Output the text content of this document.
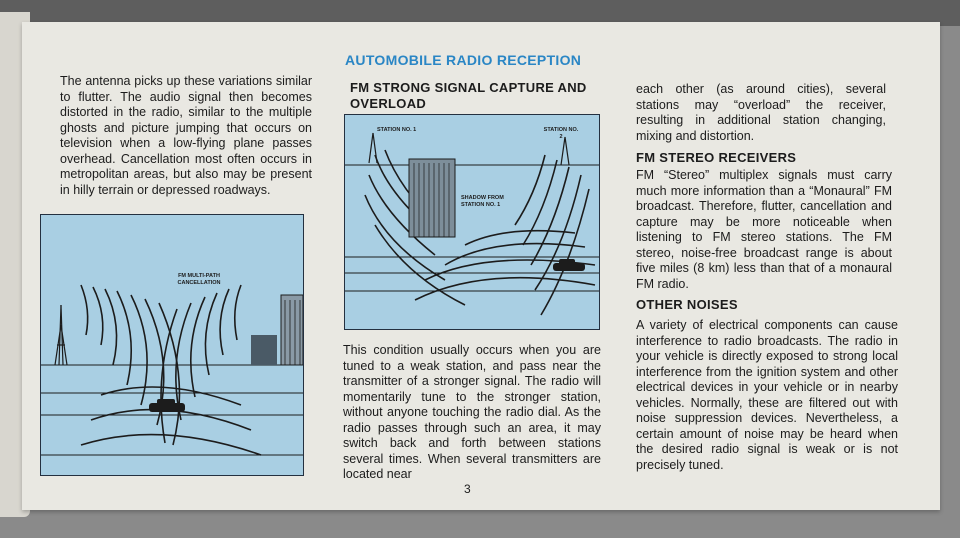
AUTOMOBILE RADIO RECEPTION

The antenna picks up these variations similar to flutter. The audio signal then becomes distorted in the radio, similar to the multiple ghosts and picture jumping that occurs on television when a low-flying plane passes overhead. Cancellation most often occurs in metropolitan areas, but also may be present in hilly terrain or depressed roadways.

FM MULTI-PATH CANCELLATION
FM STRONG SIGNAL CAPTURE AND OVERLOAD
STATION NO. 1	STATION NO. 2
SHADOW FROM STATION NO. 1

This condition usually occurs when you are tuned to a weak station, and pass near the transmitter of a stronger signal. The radio will momentarily tune to the stronger station, without anyone touching the radio dial. As the radio passes through such an area, it may switch back and forth between stations several times. When several transmitters are located near

each other (as around cities), several stations may “overload” the receiver, resulting in additional station changing, mixing and distortion.

FM STEREO RECEIVERS

FM “Stereo” multiplex signals must carry much more information than a “Monaural” FM broadcast. Therefore, flutter, cancellation and capture may be more noticeable when listening to FM stereo stations. The FM stereo, noise-free broadcast range is about five miles (8 km) less than that of a monaural FM radio.

OTHER NOISES

A variety of electrical components can cause interference to radio broadcasts. The radio in your vehicle is directly exposed to strong local interference from the ignition system and other electrical devices in your vehicle or in nearby vehicles. Normally, these are filtered out with noise suppression devices. Nevertheless, a certain amount of noise may be heard when the desired radio signal is weak or is not precisely tuned.

3
